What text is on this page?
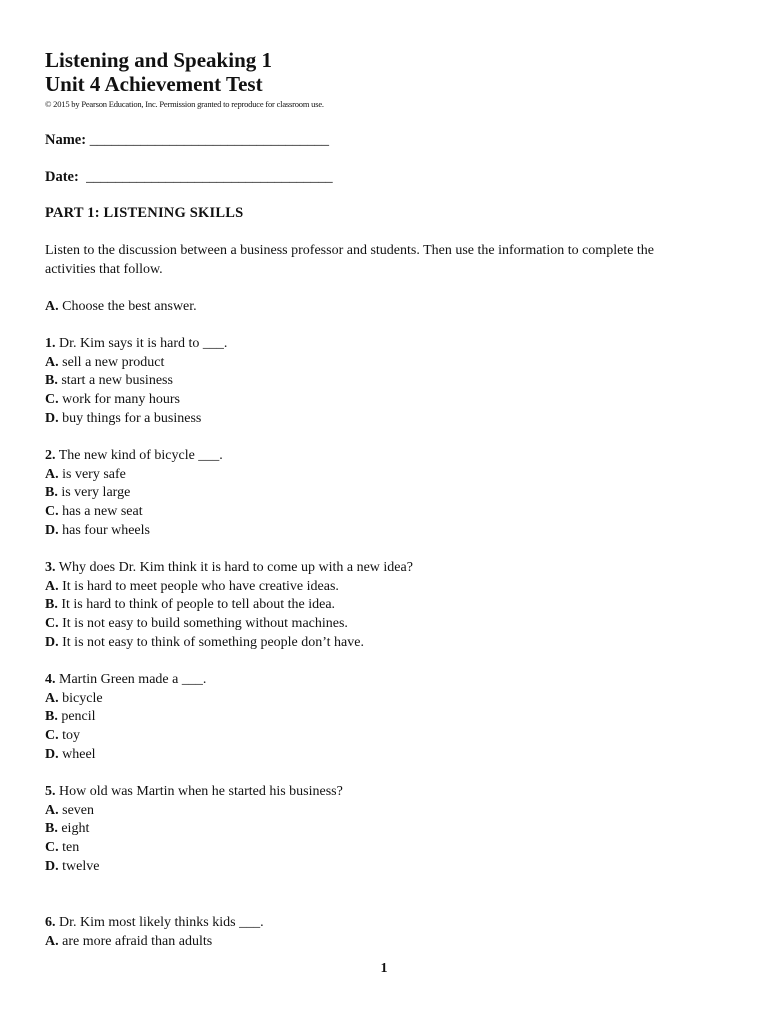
Listening and Speaking 1
Unit 4 Achievement Test
© 2015 by Pearson Education, Inc. Permission granted to reproduce for classroom use.
Name: _________________________________
Date: __________________________________
PART 1: LISTENING SKILLS
Listen to the discussion between a business professor and students. Then use the information to complete the activities that follow.
A. Choose the best answer.
1. Dr. Kim says it is hard to ___.
A. sell a new product
B. start a new business
C. work for many hours
D. buy things for a business
2. The new kind of bicycle ___.
A. is very safe
B. is very large
C. has a new seat
D. has four wheels
3. Why does Dr. Kim think it is hard to come up with a new idea?
A. It is hard to meet people who have creative ideas.
B. It is hard to think of people to tell about the idea.
C. It is not easy to build something without machines.
D. It is not easy to think of something people don’t have.
4. Martin Green made a ___.
A. bicycle
B. pencil
C. toy
D. wheel
5. How old was Martin when he started his business?
A. seven
B. eight
C. ten
D. twelve
6. Dr. Kim most likely thinks kids ___.
A. are more afraid than adults
1
